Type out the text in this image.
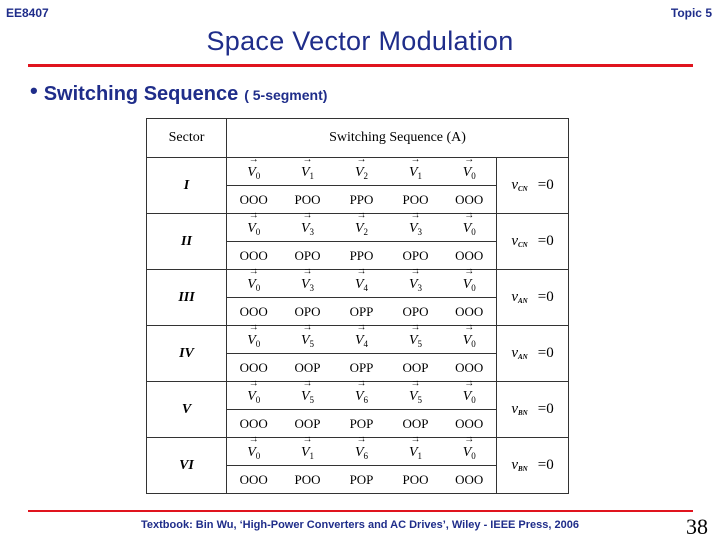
EE8407	Topic 5
Space Vector Modulation
• Switching Sequence ( 5-segment)
Sector	Switching Sequence (A)					
I	→ $V_0$	→ $V_1$	→ $V_2$	→ $V_1$	→ $V_0$	vCN =0
	OOO →	POO →	PPO →	POO →	OOO →
II	→ $V_0$	→ $V_3$	→ $V_2$	→ $V_3$	→ $V_0$	vCN =0
	OOO →	OPO →	PPO →	OPO →	OOO →
III	→ $V_0$	→ $V_3$	→ $V_4$	→ $V_3$	→ $V_0$	vAN =0
	OOO →	OPO →	OPP →	OPO →	OOO →
IV	→ $V_0$	→ $V_5$	→ $V_4$	→ $V_5$	→ $V_0$	vAN =0
	OOO →	OOP →	OPP →	OOP →	OOO →
V	→ $V_0$	→ $V_5$	→ $V_6$	→ $V_5$	→ $V_0$	vBN =0
	OOO →	OOP →	POP →	OOP →	OOO →
VI	→ $V_0$	→ $V_1$	→ $V_6$	→ $V_1$	→ $V_0$	vBN =0
	OOO	POO	POP	POO	OOO	
Textbook: Bin Wu, ‘High-Power Converters and AC Drives’, Wiley - IEEE Press, 2006	38
